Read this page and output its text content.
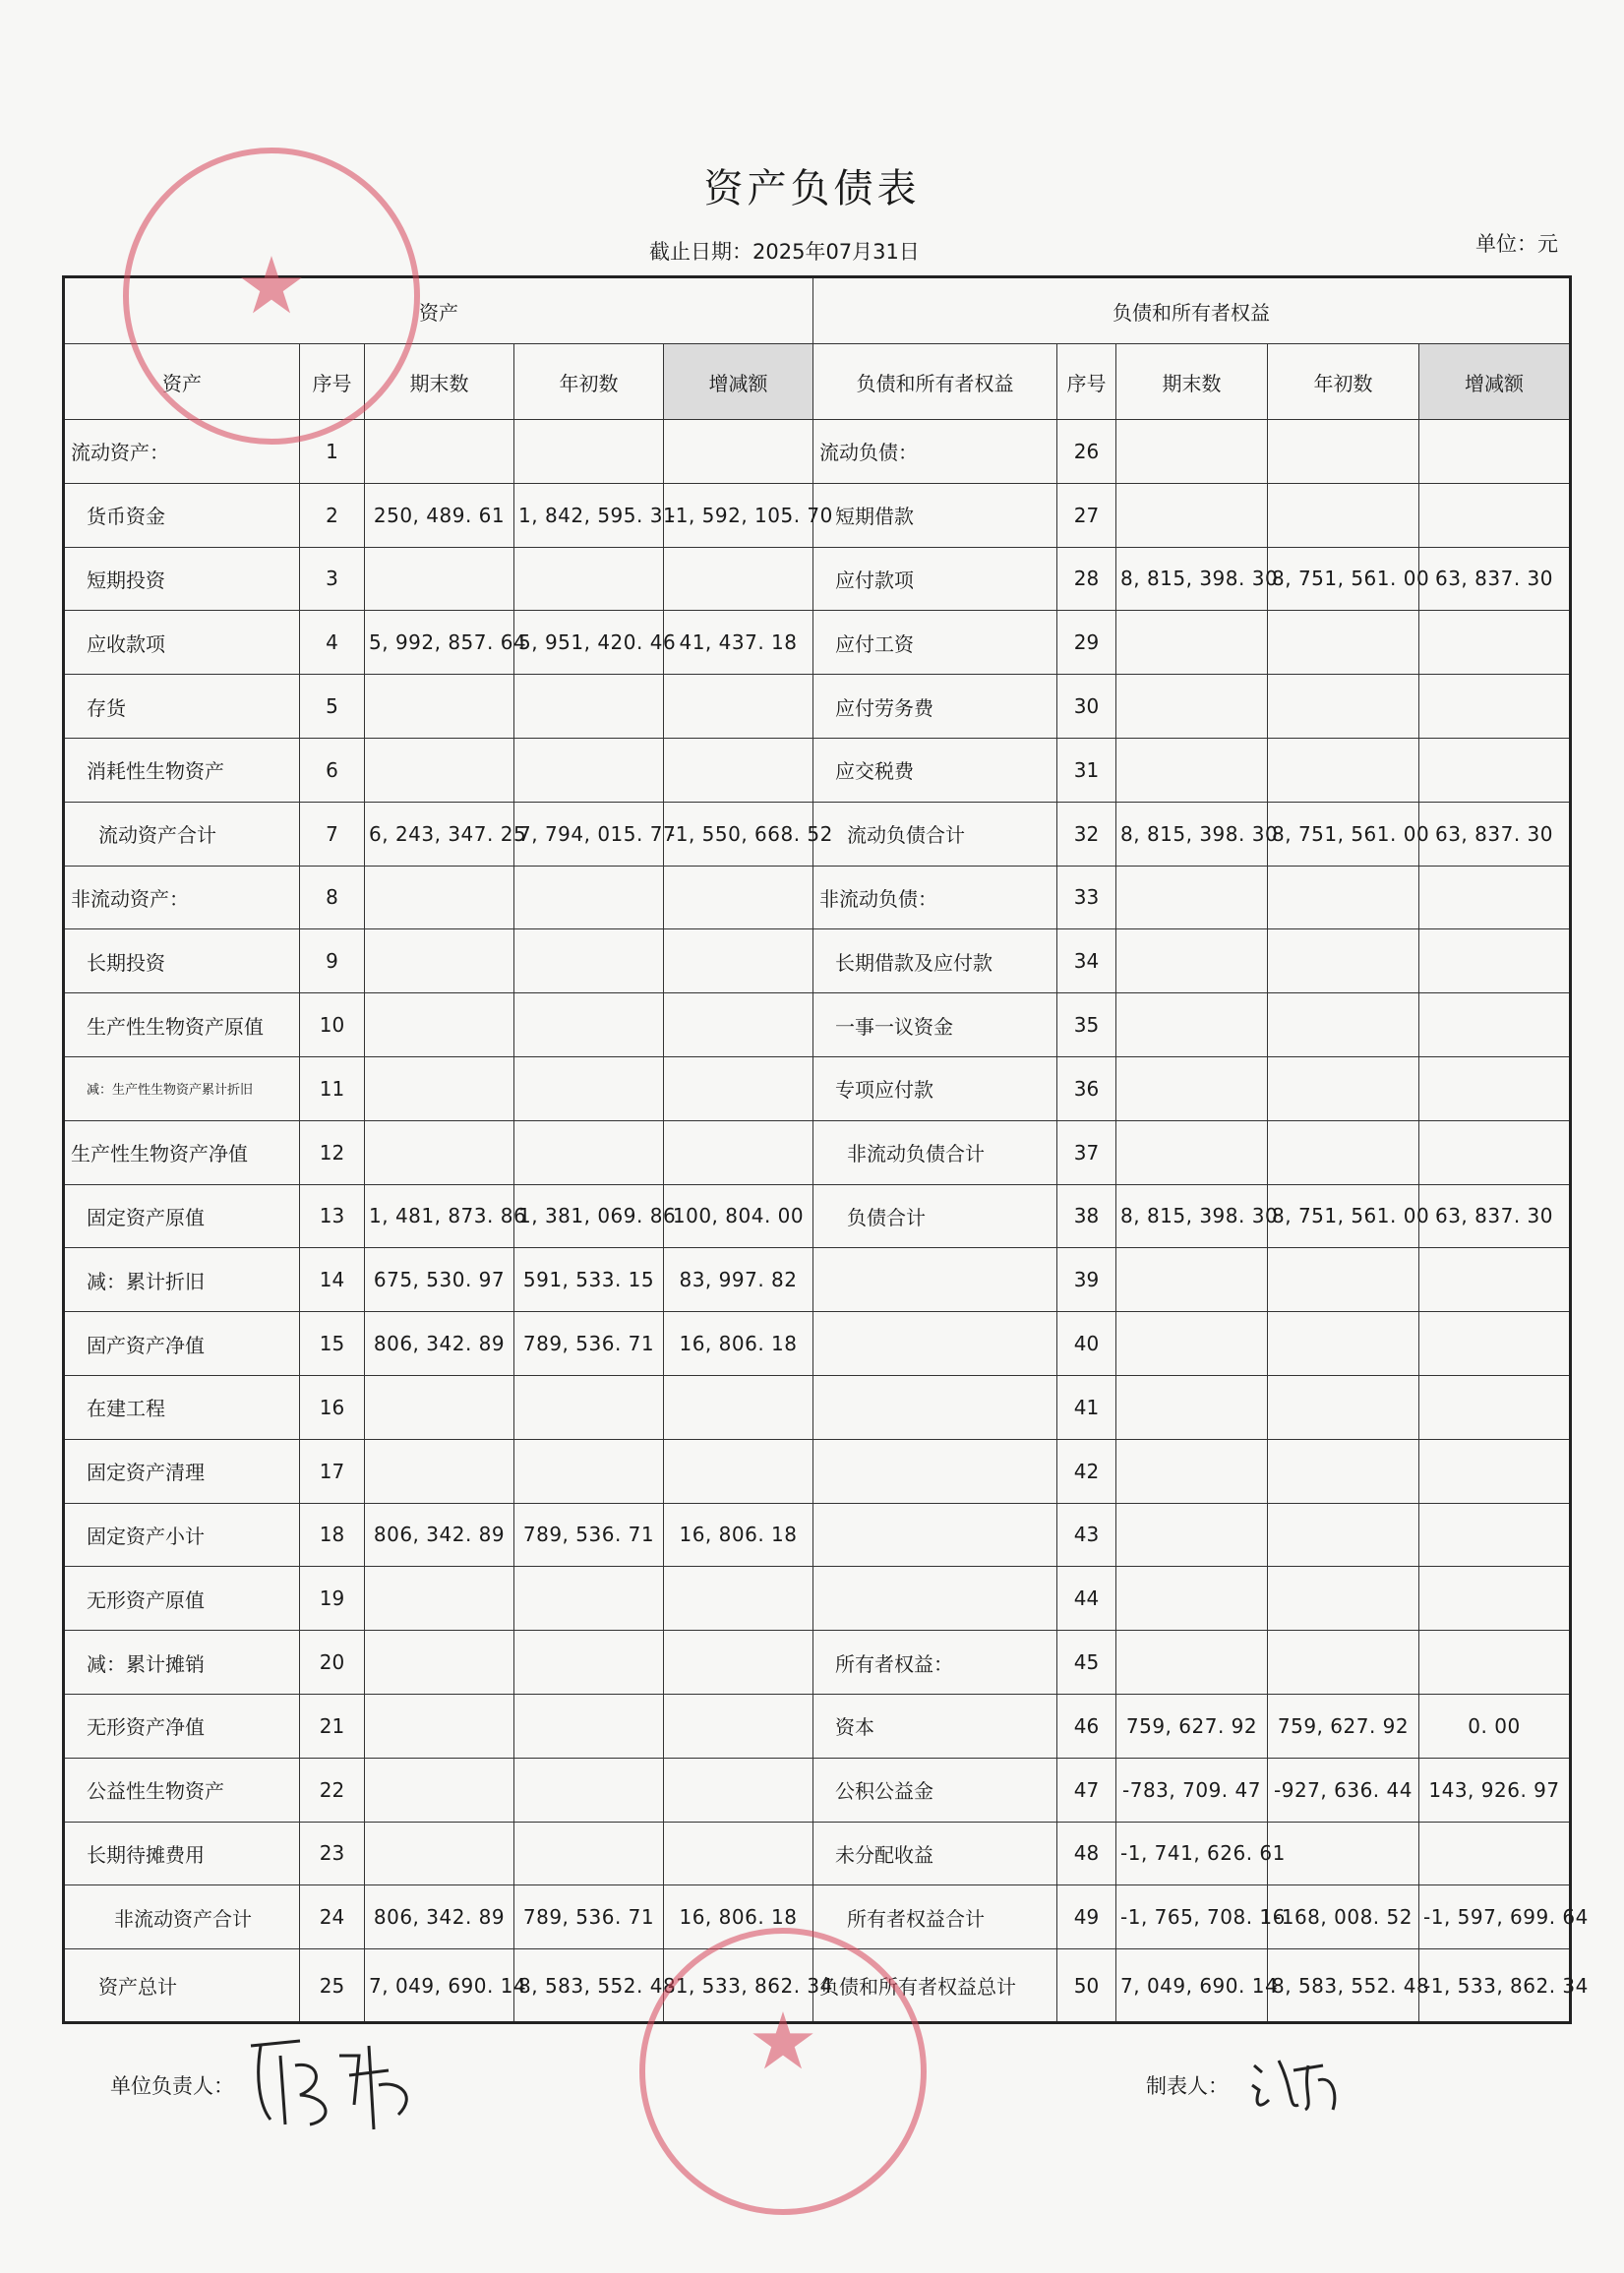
资产负债表
截止日期：2025年07月31日	单位：元
资产					负债和所有者权益				
资产	序号	期末数	年初数	增减额	负债和所有者权益	序号	期末数	年初数	增减额
流动资产：	1				流动负债：	26			
货币资金	2	250, 489. 61	1, 842, 595. 31	-1, 592, 105. 70	短期借款	27			
短期投资	3				应付款项	28	8, 815, 398. 30	8, 751, 561. 00	63, 837. 30
应收款项	4	5, 992, 857. 64	5, 951, 420. 46	41, 437. 18	应付工资	29			
存货	5				应付劳务费	30			
消耗性生物资产	6				应交税费	31			
流动资产合计	7	6, 243, 347. 25	7, 794, 015. 77	-1, 550, 668. 52	流动负债合计	32	8, 815, 398. 30	8, 751, 561. 00	63, 837. 30
非流动资产：	8				非流动负债：	33			
长期投资	9				长期借款及应付款	34			
生产性生物资产原值	10				一事一议资金	35			
减：生产性生物资产累计折旧	11				专项应付款	36			
生产性生物资产净值	12				非流动负债合计	37			
固定资产原值	13	1, 481, 873. 86	1, 381, 069. 86	100, 804. 00	负债合计	38	8, 815, 398. 30	8, 751, 561. 00	63, 837. 30
减：累计折旧	14	675, 530. 97	591, 533. 15	83, 997. 82		39			
固产资产净值	15	806, 342. 89	789, 536. 71	16, 806. 18		40			
在建工程	16					41			
固定资产清理	17					42			
固定资产小计	18	806, 342. 89	789, 536. 71	16, 806. 18		43			
无形资产原值	19					44			
减：累计摊销	20				所有者权益：	45			
无形资产净值	21				资本	46	759, 627. 92	759, 627. 92	0. 00
公益性生物资产	22				公积公益金	47	-783, 709. 47	-927, 636. 44	143, 926. 97
长期待摊费用	23				未分配收益	48	-1, 741, 626. 61		
非流动资产合计	24	806, 342. 89	789, 536. 71	16, 806. 18	所有者权益合计	49	-1, 765, 708. 16	-168, 008. 52	-1, 597, 699. 64
资产总计	25	7, 049, 690. 14	8, 583, 552. 48	-1, 533, 862. 34	负债和所有者权益总计	50	7, 049, 690. 14	8, 583, 552. 48	-1, 533, 862. 34
★
★
单位负责人：	制表人：
